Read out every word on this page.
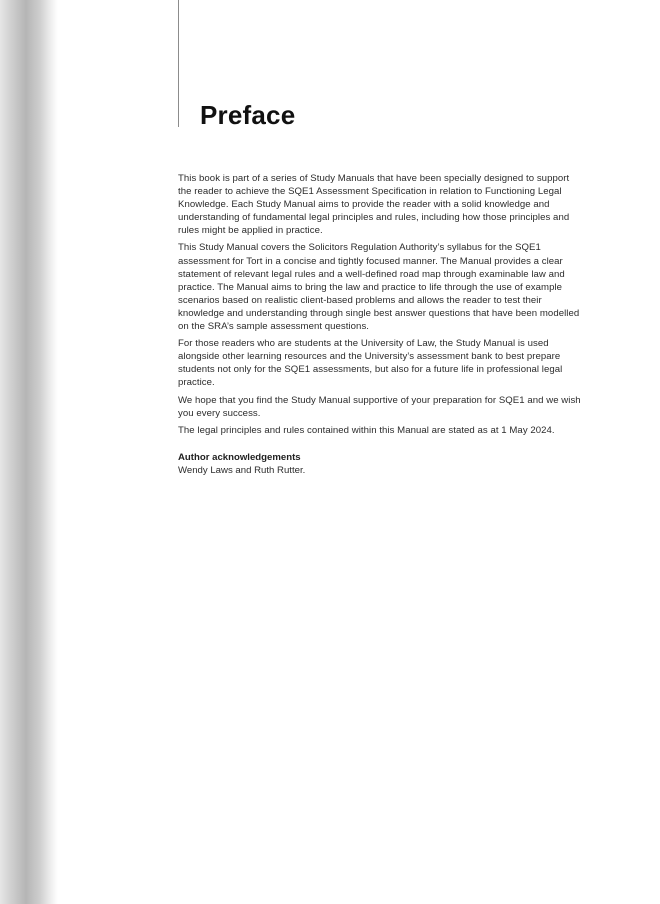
Preface

This book is part of a series of Study Manuals that have been specially designed to support the reader to achieve the SQE1 Assessment Specification in relation to Functioning Legal Knowledge. Each Study Manual aims to provide the reader with a solid knowledge and understanding of fundamental legal principles and rules, including how those principles and rules might be applied in practice.

This Study Manual covers the Solicitors Regulation Authority’s syllabus for the SQE1 assessment for Tort in a concise and tightly focused manner. The Manual provides a clear statement of relevant legal rules and a well-defined road map through examinable law and practice. The Manual aims to bring the law and practice to life through the use of example scenarios based on realistic client-based problems and allows the reader to test their knowledge and understanding through single best answer questions that have been modelled on the SRA’s sample assessment questions.

For those readers who are students at the University of Law, the Study Manual is used alongside other learning resources and the University’s assessment bank to best prepare students not only for the SQE1 assessments, but also for a future life in professional legal practice.

We hope that you find the Study Manual supportive of your preparation for SQE1 and we wish you every success.

The legal principles and rules contained within this Manual are stated as at 1 May 2024.

Author acknowledgements

Wendy Laws and Ruth Rutter.
